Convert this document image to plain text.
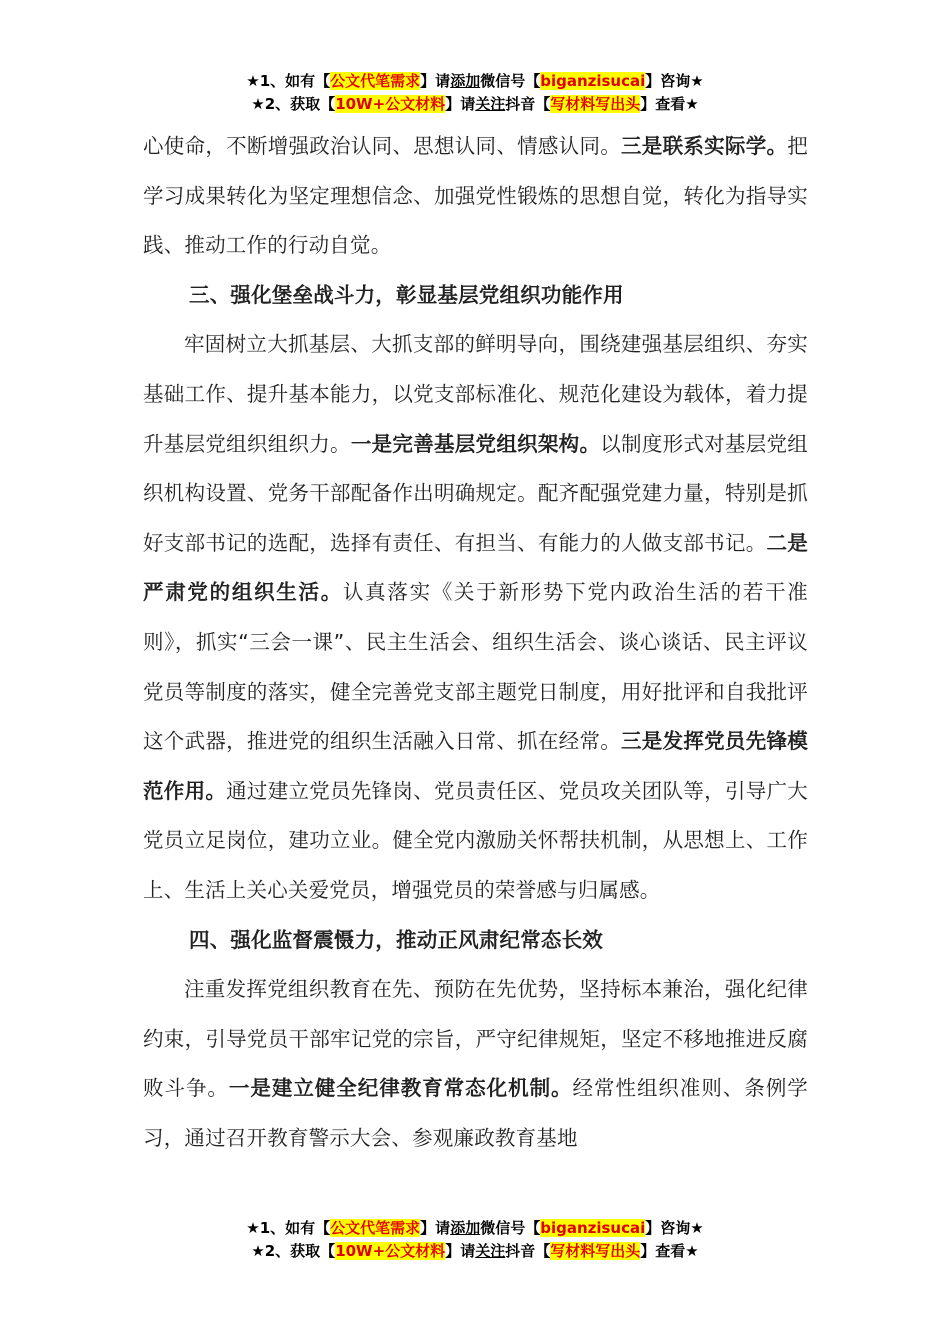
★1、如有【公文代笔需求】请添加微信号【biganzisucai】咨询★
★2、获取【10W+公文材料】请关注抖音【写材料写出头】查看★

心使命，不断增强政治认同、思想认同、情感认同。三是联系实际学。把学习成果转化为坚定理想信念、加强党性锻炼的思想自觉，转化为指导实践、推动工作的行动自觉。

三、强化堡垒战斗力，彰显基层党组织功能作用

牢固树立大抓基层、大抓支部的鲜明导向，围绕建强基层组织、夯实基础工作、提升基本能力，以党支部标准化、规范化建设为载体，着力提升基层党组织组织力。一是完善基层党组织架构。以制度形式对基层党组织机构设置、党务干部配备作出明确规定。配齐配强党建力量，特别是抓好支部书记的选配，选择有责任、有担当、有能力的人做支部书记。二是严肃党的组织生活。认真落实《关于新形势下党内政治生活的若干准则》，抓实“三会一课”、民主生活会、组织生活会、谈心谈话、民主评议党员等制度的落实，健全完善党支部主题党日制度，用好批评和自我批评这个武器，推进党的组织生活融入日常、抓在经常。三是发挥党员先锋模范作用。通过建立党员先锋岗、党员责任区、党员攻关团队等，引导广大党员立足岗位，建功立业。健全党内激励关怀帮扶机制，从思想上、工作上、生活上关心关爱党员，增强党员的荣誉感与归属感。

四、强化监督震慑力，推动正风肃纪常态长效

注重发挥党组织教育在先、预防在先优势，坚持标本兼治，强化纪律约束，引导党员干部牢记党的宗旨，严守纪律规矩，坚定不移地推进反腐败斗争。一是建立健全纪律教育常态化机制。经常性组织准则、条例学习，通过召开教育警示大会、参观廉政教育基地

★1、如有【公文代笔需求】请添加微信号【biganzisucai】咨询★
★2、获取【10W+公文材料】请关注抖音【写材料写出头】查看★
